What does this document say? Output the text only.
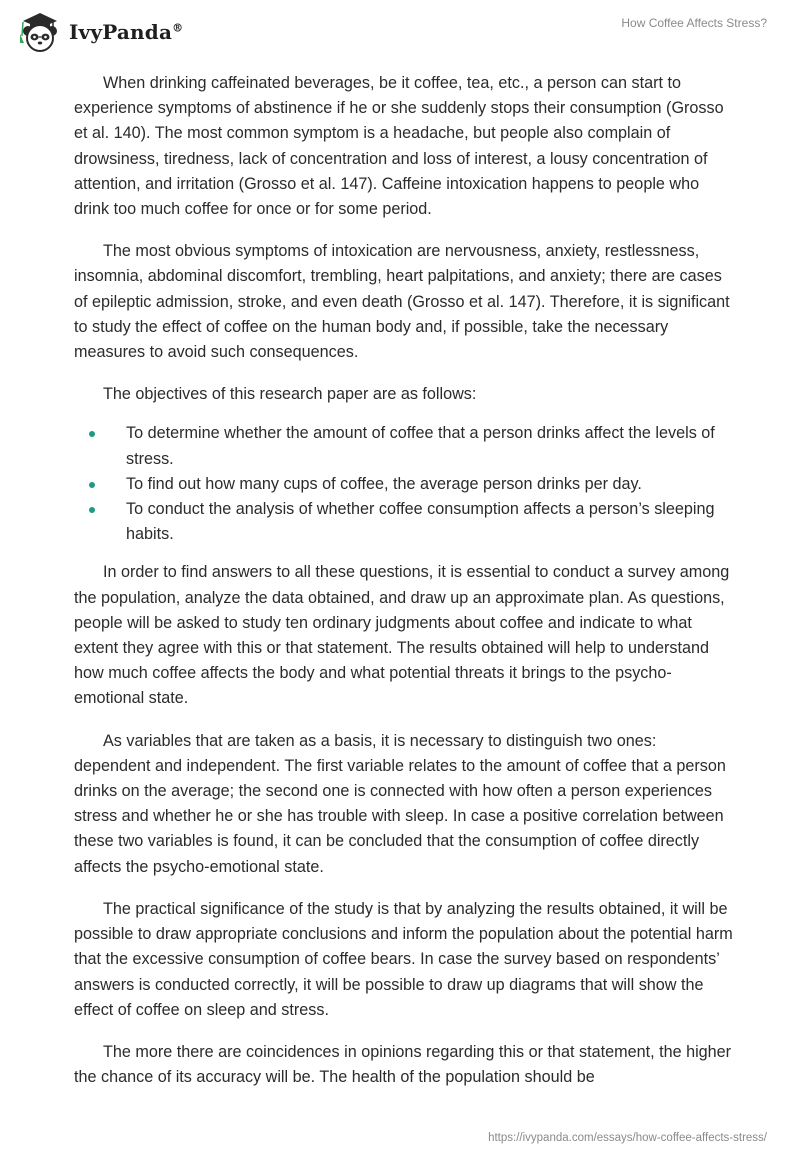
IvyPanda®	How Coffee Affects Stress?

When drinking caffeinated beverages, be it coffee, tea, etc., a person can start to experience symptoms of abstinence if he or she suddenly stops their consumption (Grosso et al. 140). The most common symptom is a headache, but people also complain of drowsiness, tiredness, lack of concentration and loss of interest, a lousy concentration of attention, and irritation (Grosso et al. 147). Caffeine intoxication happens to people who drink too much coffee for once or for some period.

The most obvious symptoms of intoxication are nervousness, anxiety, restlessness, insomnia, abdominal discomfort, trembling, heart palpitations, and anxiety; there are cases of epileptic admission, stroke, and even death (Grosso et al. 147). Therefore, it is significant to study the effect of coffee on the human body and, if possible, take the necessary measures to avoid such consequences.

The objectives of this research paper are as follows:

To determine whether the amount of coffee that a person drinks affect the levels of stress.
To find out how many cups of coffee, the average person drinks per day.
To conduct the analysis of whether coffee consumption affects a person’s sleeping habits.

In order to find answers to all these questions, it is essential to conduct a survey among the population, analyze the data obtained, and draw up an approximate plan. As questions, people will be asked to study ten ordinary judgments about coffee and indicate to what extent they agree with this or that statement. The results obtained will help to understand how much coffee affects the body and what potential threats it brings to the psycho-emotional state.

As variables that are taken as a basis, it is necessary to distinguish two ones: dependent and independent. The first variable relates to the amount of coffee that a person drinks on the average; the second one is connected with how often a person experiences stress and whether he or she has trouble with sleep. In case a positive correlation between these two variables is found, it can be concluded that the consumption of coffee directly affects the psycho-emotional state.

The practical significance of the study is that by analyzing the results obtained, it will be possible to draw appropriate conclusions and inform the population about the potential harm that the excessive consumption of coffee bears. In case the survey based on respondents’ answers is conducted correctly, it will be possible to draw up diagrams that will show the effect of coffee on sleep and stress.

The more there are coincidences in opinions regarding this or that statement, the higher the chance of its accuracy will be. The health of the population should be

https://ivypanda.com/essays/how-coffee-affects-stress/
